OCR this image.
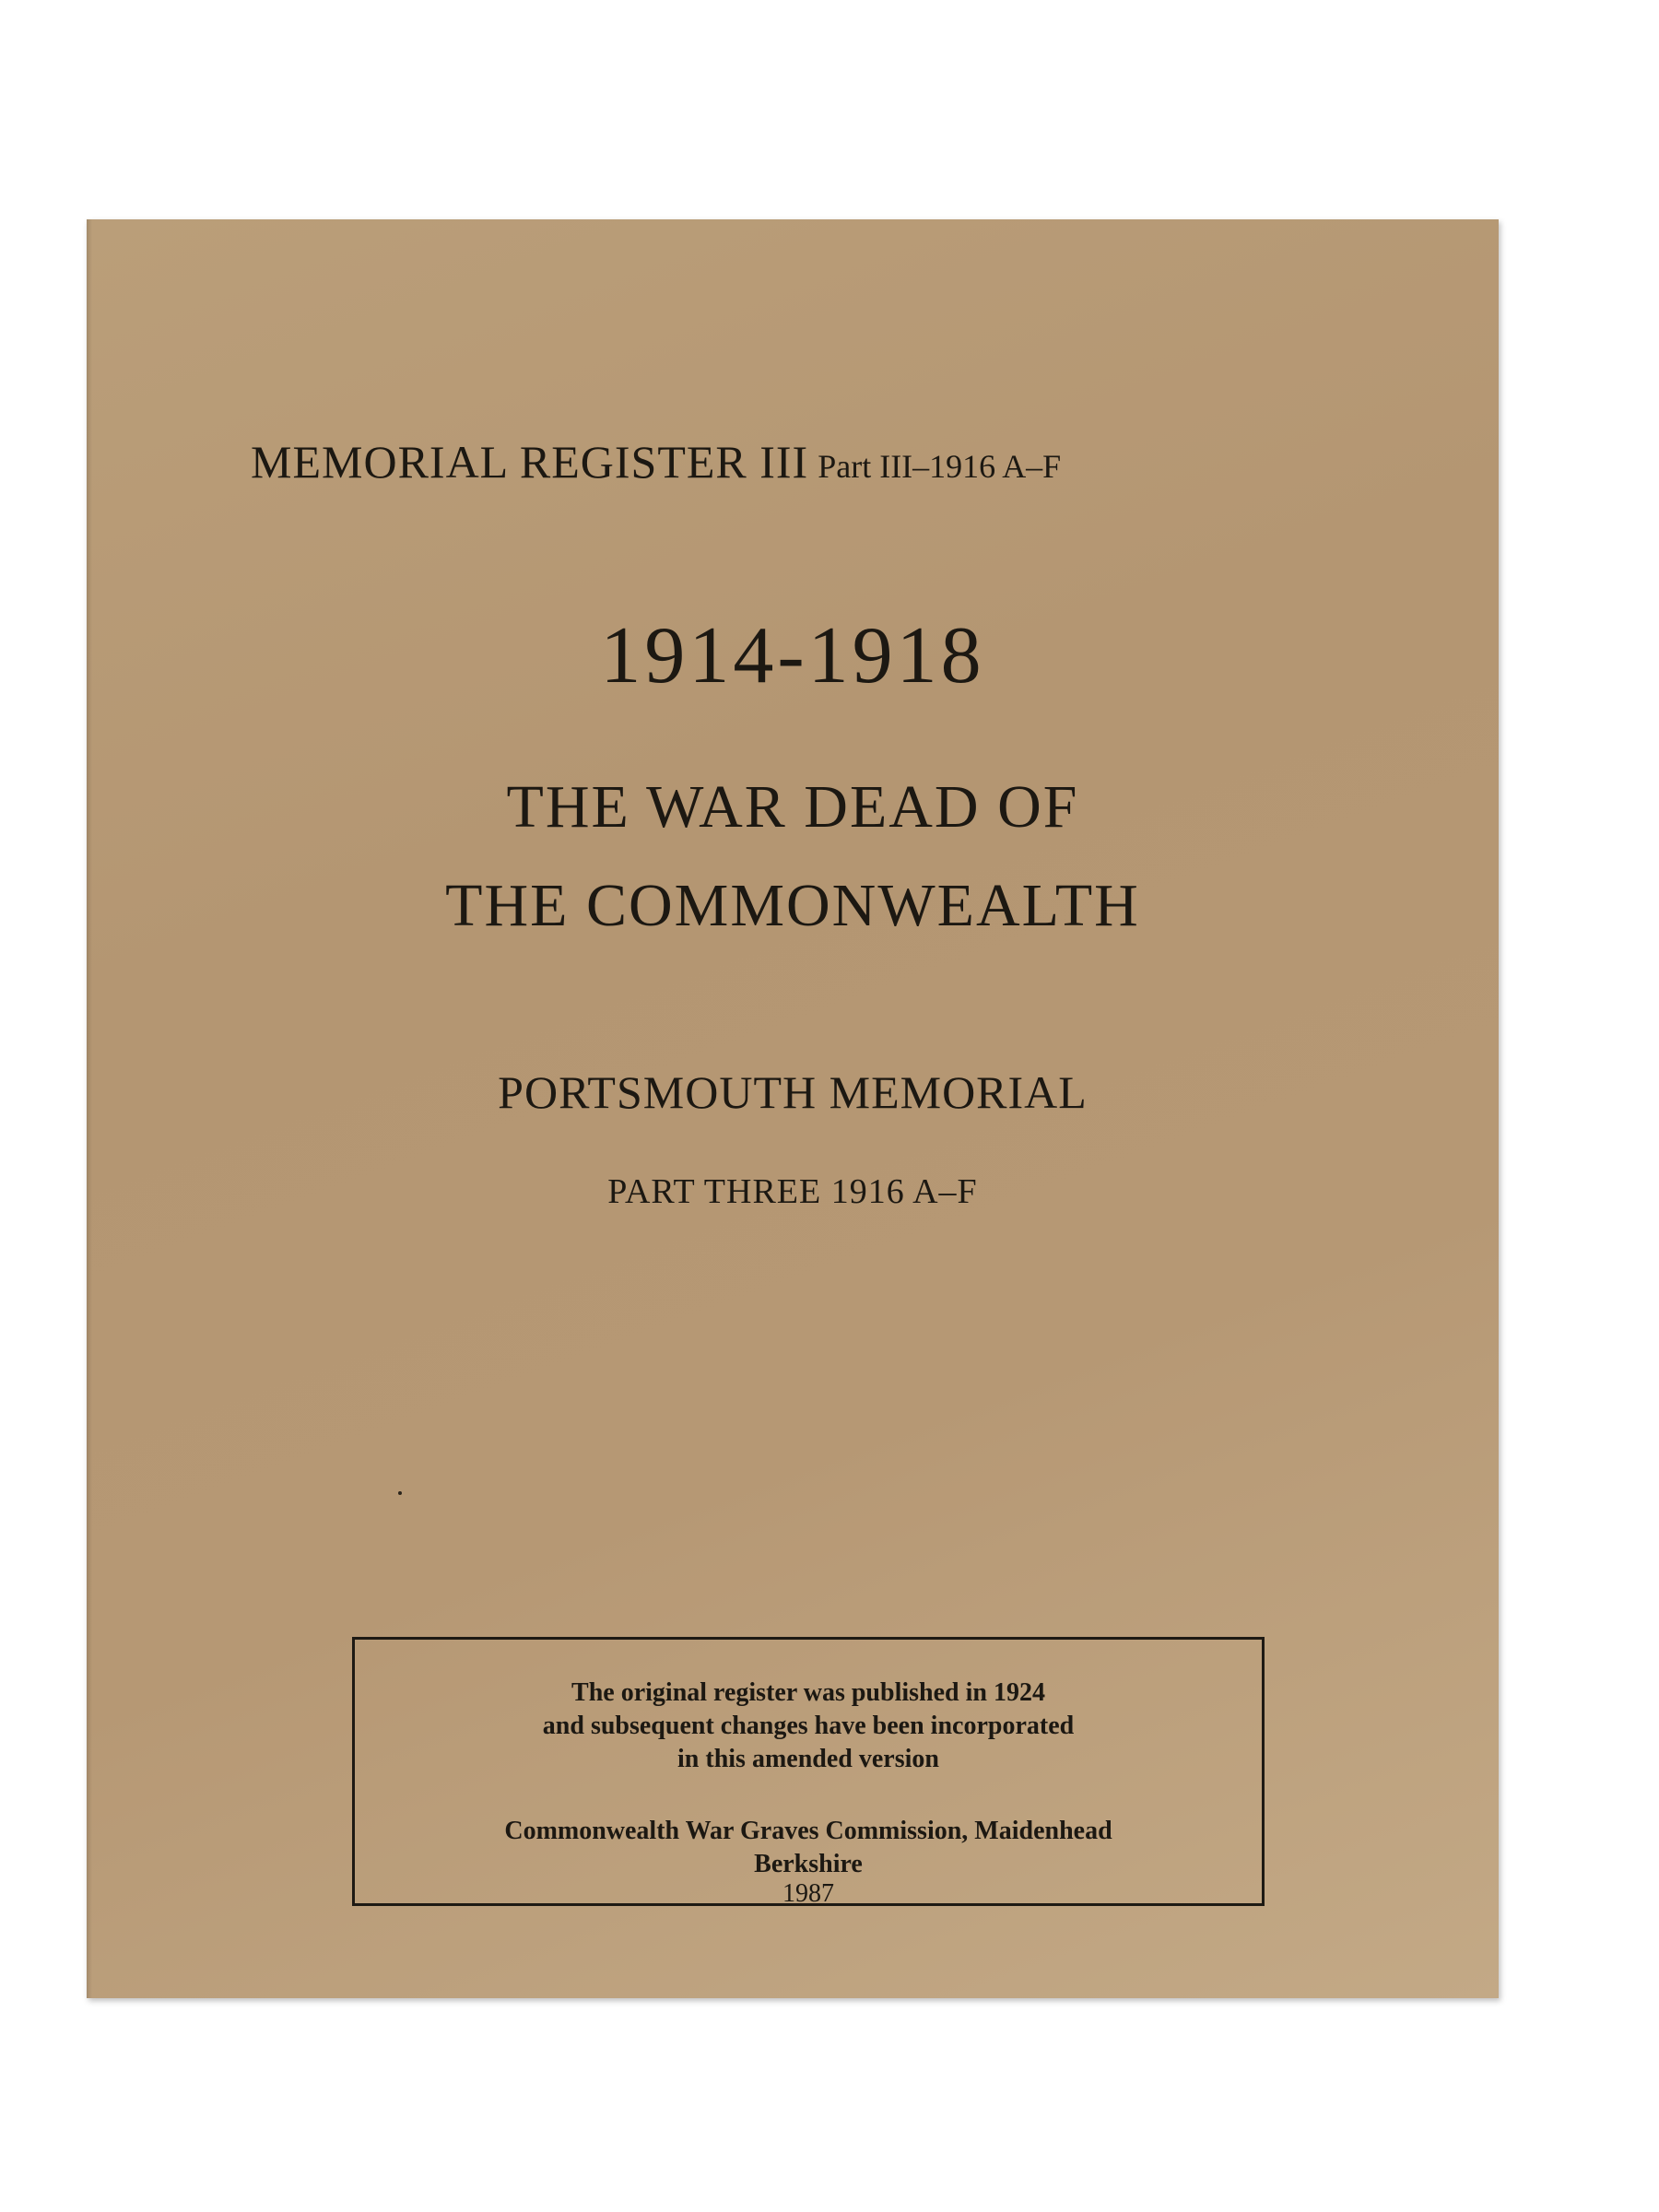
MEMORIAL REGISTER III Part III–1916 A–F
1914-1918
THE WAR DEAD OF
THE COMMONWEALTH
PORTSMOUTH MEMORIAL
PART THREE 1916 A–F
The original register was published in 1924
and subsequent changes have been incorporated
in this amended version
Commonwealth War Graves Commission, Maidenhead
Berkshire
1987
